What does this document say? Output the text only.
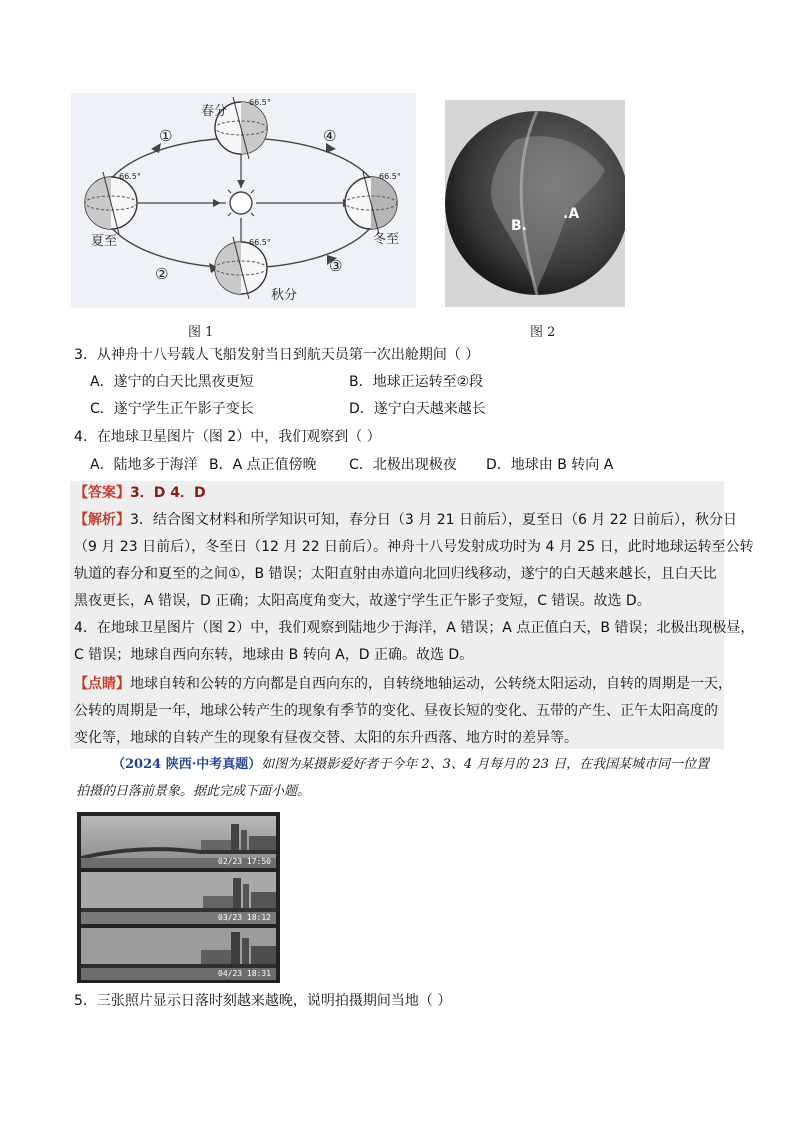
春分
夏至
秋分
冬至
①
②	③
④
66.5°
66.5°
66.5°
66.5°
图 1
B.
.A
图 2
3．从神舟十八号载人飞船发射当日到航天员第一次出舱期间（ ）
A．遂宁的白天比黑夜更短	B．地球正运转至②段
C．遂宁学生正午影子变长	D．遂宁白天越来越长
4．在地球卫星图片（图 2）中，我们观察到（ ）
A．陆地多于海洋 B．A 点正值傍晚 C．北极出现极夜 D．地球由 B 转向 A
【答案】3．D 4．D
【解析】3．结合图文材料和所学知识可知，春分日（3 月 21 日前后），夏至日（6 月 22 日前后），秋分日
（9 月 23 日前后），冬至日（12 月 22 日前后）。神舟十八号发射成功时为 4 月 25 日，此时地球运转至公转
轨道的春分和夏至的之间①，B 错误；太阳直射由赤道向北回归线移动，遂宁的白天越来越长，且白天比
黑夜更长，A 错误，D 正确；太阳高度角变大，故遂宁学生正午影子变短，C 错误。故选 D。
4．在地球卫星图片（图 2）中，我们观察到陆地少于海洋，A 错误；A 点正值白天，B 错误；北极出现极昼，
C 错误；地球自西向东转，地球由 B 转向 A，D 正确。故选 D。
【点睛】地球自转和公转的方向都是自西向东的，自转绕地轴运动，公转绕太阳运动，自转的周期是一天，
公转的周期是一年，地球公转产生的现象有季节的变化、昼夜长短的变化、五带的产生、正午太阳高度的
变化等，地球的自转产生的现象有昼夜交替、太阳的东升西落、地方时的差异等。
（2024 陕西·中考真题）如图为某摄影爱好者于今年 2、3、4 月每月的 23 日，在我国某城市同一位置
拍摄的日落前景象。据此完成下面小题。
02/23 17:50
03/23 18:12
04/23 18:31
5．三张照片显示日落时刻越来越晚，说明拍摄期间当地（ ）
